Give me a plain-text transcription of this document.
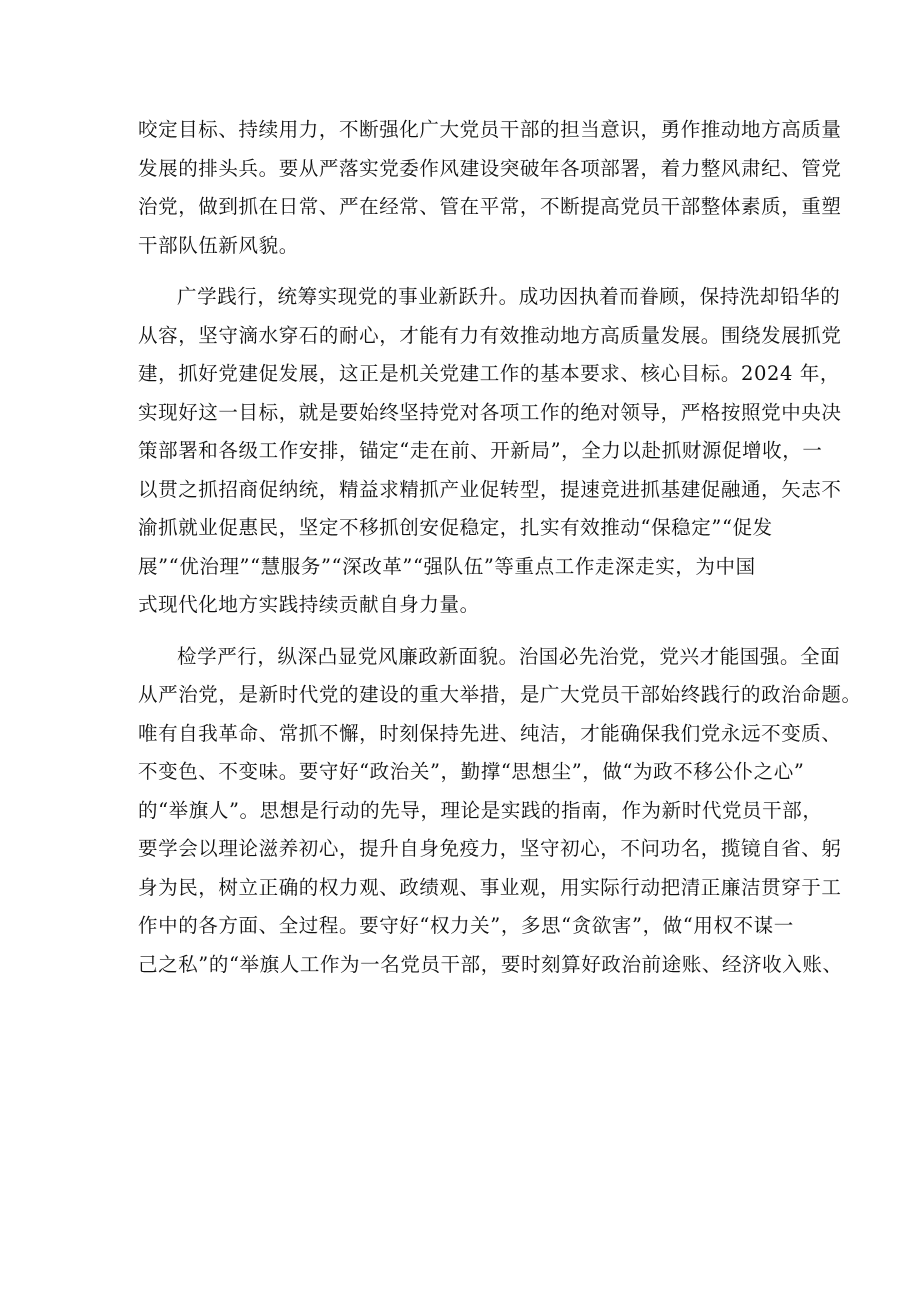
咬定目标、持续用力，不断强化广大党员干部的担当意识，勇作推动地方高质量
发展的排头兵。要从严落实党委作风建设突破年各项部署，着力整风肃纪、管党
治党，做到抓在日常、严在经常、管在平常，不断提高党员干部整体素质，重塑
干部队伍新风貌。

广学践行，统筹实现党的事业新跃升。成功因执着而眷顾，保持洗却铅华的
从容，坚守滴水穿石的耐心，才能有力有效推动地方高质量发展。围绕发展抓党
建，抓好党建促发展，这正是机关党建工作的基本要求、核心目标。2024 年，
实现好这一目标，就是要始终坚持党对各项工作的绝对领导，严格按照党中央决
策部署和各级工作安排，锚定“走在前、开新局”，全力以赴抓财源促增收，一
以贯之抓招商促纳统，精益求精抓产业促转型，提速竞进抓基建促融通，矢志不
渝抓就业促惠民，坚定不移抓创安促稳定，扎实有效推动“保稳定”“促发
展”“优治理”“慧服务”“深改革”“强队伍”等重点工作走深走实，为中国
式现代化地方实践持续贡献自身力量。

检学严行，纵深凸显党风廉政新面貌。治国必先治党，党兴才能国强。全面
从严治党，是新时代党的建设的重大举措，是广大党员干部始终践行的政治命题。
唯有自我革命、常抓不懈，时刻保持先进、纯洁，才能确保我们党永远不变质、
不变色、不变味。要守好“政治关”，勤撑“思想尘”，做“为政不移公仆之心”
的“举旗人”。思想是行动的先导，理论是实践的指南，作为新时代党员干部，
要学会以理论滋养初心，提升自身免疫力，坚守初心，不问功名，揽镜自省、躬
身为民，树立正确的权力观、政绩观、事业观，用实际行动把清正廉洁贯穿于工
作中的各方面、全过程。要守好“权力关”，多思“贪欲害”，做“用权不谋一
己之私”的“举旗人工作为一名党员干部，要时刻算好政治前途账、经济收入账、
